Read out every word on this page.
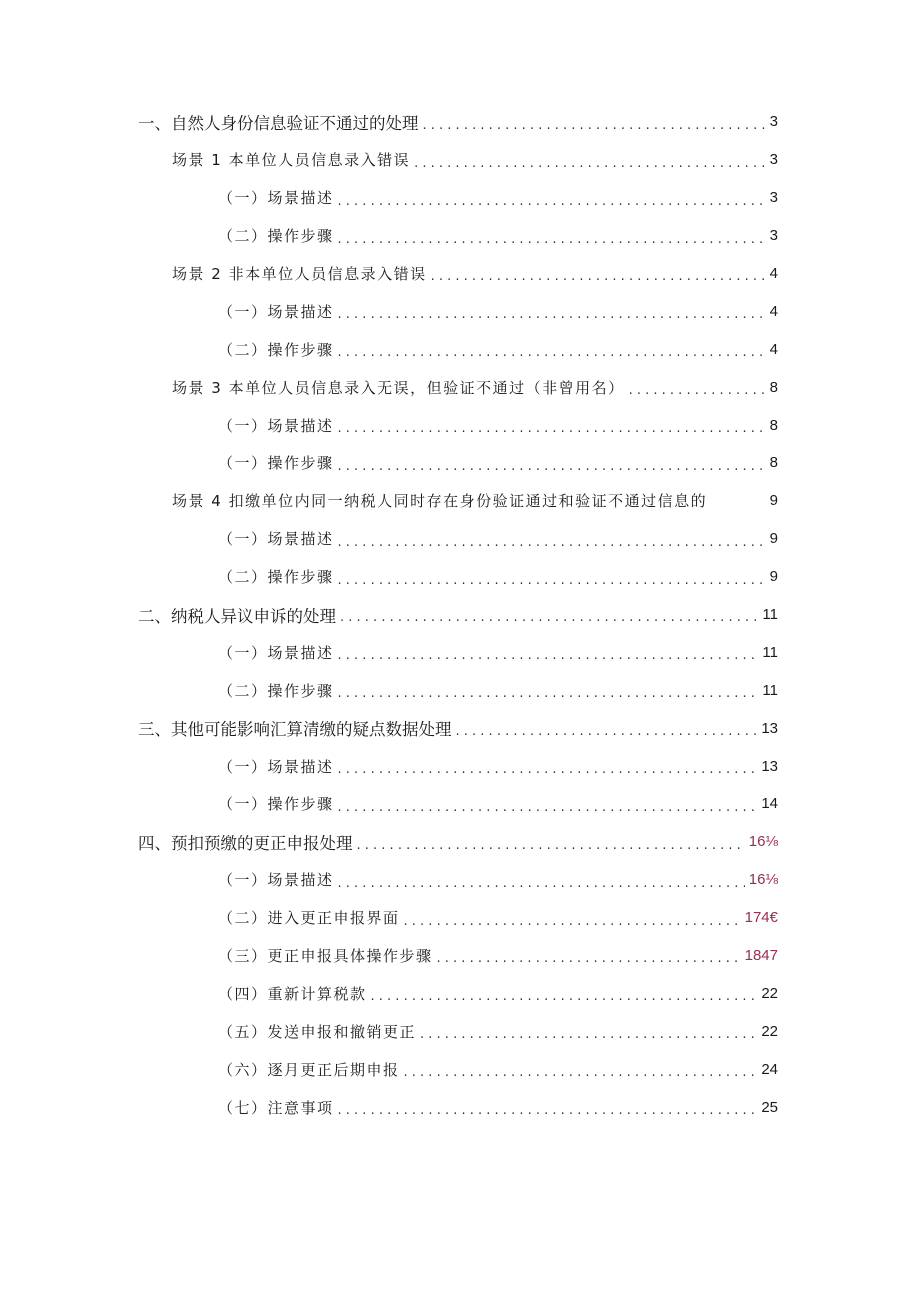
一、自然人身份信息验证不通过的处理 . . .	3
场景 1 本单位人员信息录入错误 . . .	3
（一）场景描述 . . .	3
（二）操作步骤 . . .	3
场景 2 非本单位人员信息录入错误 . . .	4
（一）场景描述 . . .	4
（二）操作步骤 . . .	4
场景 3 本单位人员信息录入无误，但验证不通过（非曾用名） . . .	8
（一）场景描述 . . .	8
（一）操作步骤 . . .	8
场景 4 扣缴单位内同一纳税人同时存在身份验证通过和验证不通过信息的	9
（一）场景描述 . . .	9
（二）操作步骤 . . .	9
二、纳税人异议申诉的处理 . . .	11
（一）场景描述 . . .	11
（二）操作步骤 . . .	11
三、其他可能影响汇算清缴的疑点数据处理 . . .	13
（一）场景描述 . . .	13
（一）操作步骤 . . .	14
四、预扣预缴的更正申报处理 . . .	16⅛
（一）场景描述 . . .	16⅛
（二）进入更正申报界面 . . .	174€
（三）更正申报具体操作步骤 . . .	1847
（四）重新计算税款 . . .	22
（五）发送申报和撤销更正 . . .	22
（六）逐月更正后期申报 . . .	24
（七）注意事项 . . .	25
